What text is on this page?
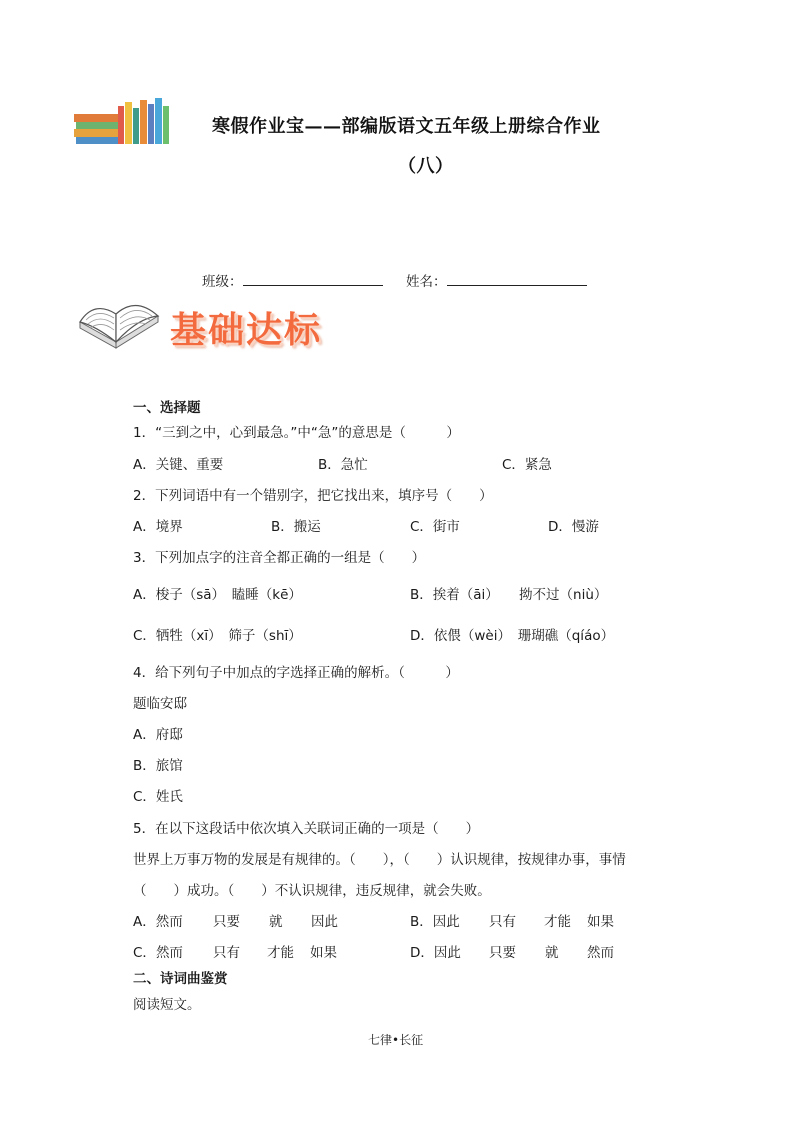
寒假作业宝——部编版语文五年级上册综合作业
（八）
班级：	姓名：
基础达标
一、选择题
1．“三到之中，心到最急。”中“急”的意思是（　　　）
A．关键、重要	B．急忙	C．紧急
2．下列词语中有一个错别字，把它找出来，填序号（　　）
A．境界	B．搬运	C．街市	D．慢游
3．下列加点字的注音全都正确的一组是（　　）
A．梭子（sā）　瞌睡（kē）	B．挨着（āi）　　拗不过（niù）
C．牺牲（xī）　筛子（shī）	D．依偎（wèi）　珊瑚礁（qíáo）
4．给下列句子中加点的字选择正确的解析。（　　　）
题临安邸
A．府邸
B．旅馆
C．姓氏
5．在以下这段话中依次填入关联词正确的一项是（　　）
世界上万事万物的发展是有规律的。（　　），（　　）认识规律，按规律办事，事情
（　　）成功。（　　）不认识规律，违反规律，就会失败。
A．然而 只要 就 因此	B．因此 只有 才能 如果
C．然而 只有 才能 如果	D．因此 只要 就 然而
二、诗词曲鉴赏
阅读短文。
七律•长征
